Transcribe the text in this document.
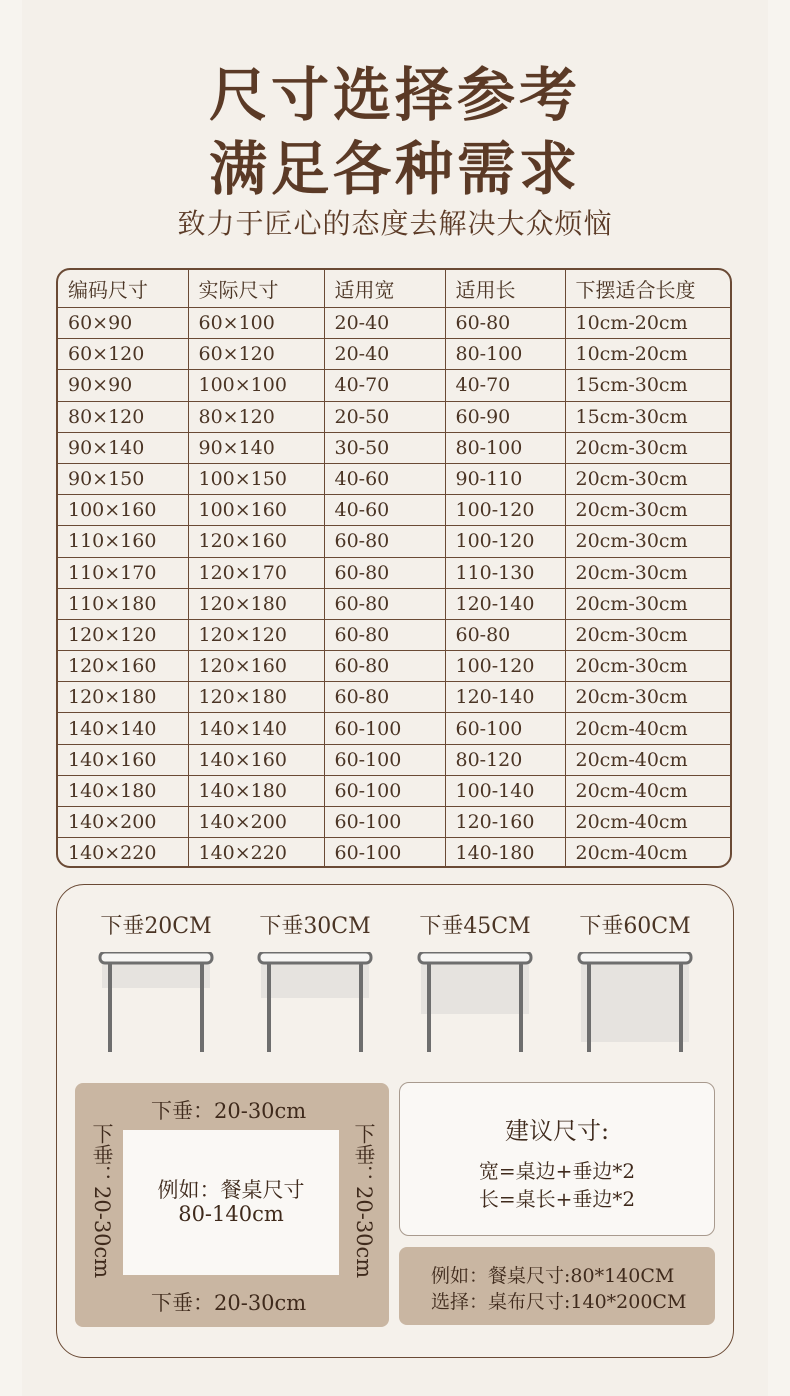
尺寸选择参考
满足各种需求
致力于匠心的态度去解决大众烦恼
编码尺寸	实际尺寸	适用宽	适用长	下摆适合长度
60×90	60×100	20-40	60-80	10cm-20cm
60×120	60×120	20-40	80-100	10cm-20cm
90×90	100×100	40-70	40-70	15cm-30cm
80×120	80×120	20-50	60-90	15cm-30cm
90×140	90×140	30-50	80-100	20cm-30cm
90×150	100×150	40-60	90-110	20cm-30cm
100×160	100×160	40-60	100-120	20cm-30cm
110×160	120×160	60-80	100-120	20cm-30cm
110×170	120×170	60-80	110-130	20cm-30cm
110×180	120×180	60-80	120-140	20cm-30cm
120×120	120×120	60-80	60-80	20cm-30cm
120×160	120×160	60-80	100-120	20cm-30cm
120×180	120×180	60-80	120-140	20cm-30cm
140×140	140×140	60-100	60-100	20cm-40cm
140×160	140×160	60-100	80-120	20cm-40cm
140×180	140×180	60-100	100-140	20cm-40cm
140×200	140×200	60-100	120-160	20cm-40cm
140×220	140×220	60-100	140-180	20cm-40cm
下垂20CM	下垂30CM	下垂45CM	下垂60CM
下垂：20-30cm
下垂：20-30cm	例如：餐桌尺寸
80-140cm	下垂：20-30cm
下垂：20-30cm
建议尺寸:
宽=桌边+垂边*2
长=桌长+垂边*2
例如：餐桌尺寸:80*140CM
选择：桌布尺寸:140*200CM
